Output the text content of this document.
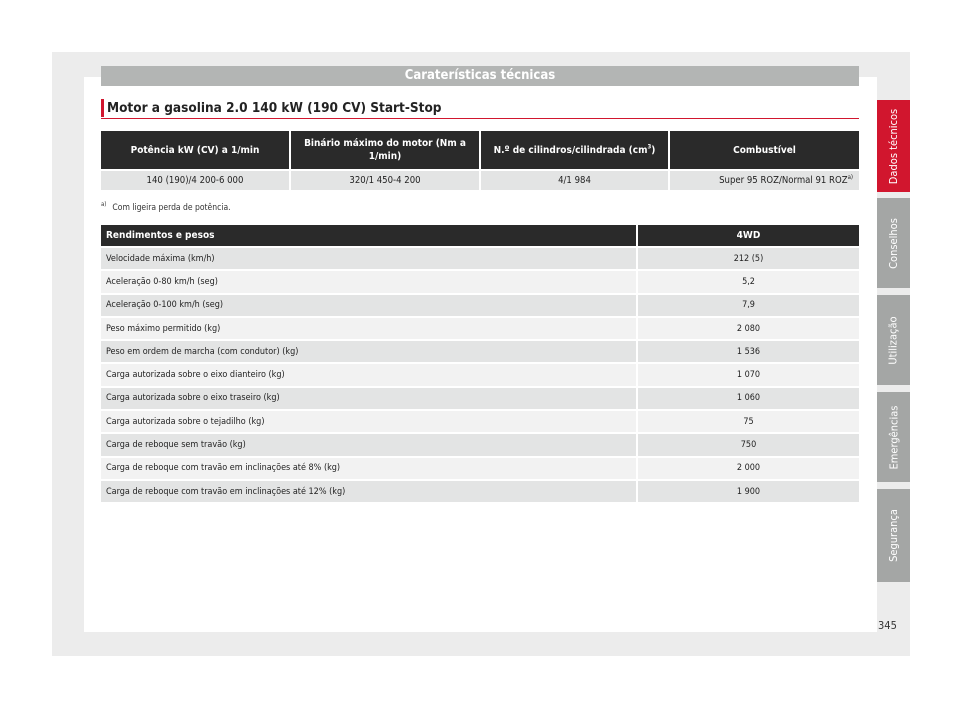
Caraterísticas técnicas
Motor a gasolina 2.0 140 kW (190 CV) Start-Stop
Potência kW (CV) a 1/min	Binário máximo do motor (Nm a 1/min)	N.º de cilindros/cilindrada $(cm^3)$	Combustível
140 (190)/4 200-6 000	320/1 450-4 200	4/1 984	Super 95 ROZ/Normal 91 ROZ$^{a)}$
$^{a)}$ Com ligeira perda de potência.
Rendimentos e pesos	4WD
Velocidade máxima (km/h)	212 (5)
Aceleração 0-80 km/h (seg)	5,2
Aceleração 0-100 km/h (seg)	7,9
Peso máximo permitido (kg)	2 080
Peso em ordem de marcha (com condutor) (kg)	1 536
Carga autorizada sobre o eixo dianteiro (kg)	1 070
Carga autorizada sobre o eixo traseiro (kg)	1 060
Carga autorizada sobre o tejadilho (kg)	75
Carga de reboque sem travão (kg)	750
Carga de reboque com travão em inclinações até 8% (kg)	2 000
Carga de reboque com travão em inclinações até 12% (kg)	1 900
Dados técnicos
Conselhos
Utilização
Emergências
Segurança
345
